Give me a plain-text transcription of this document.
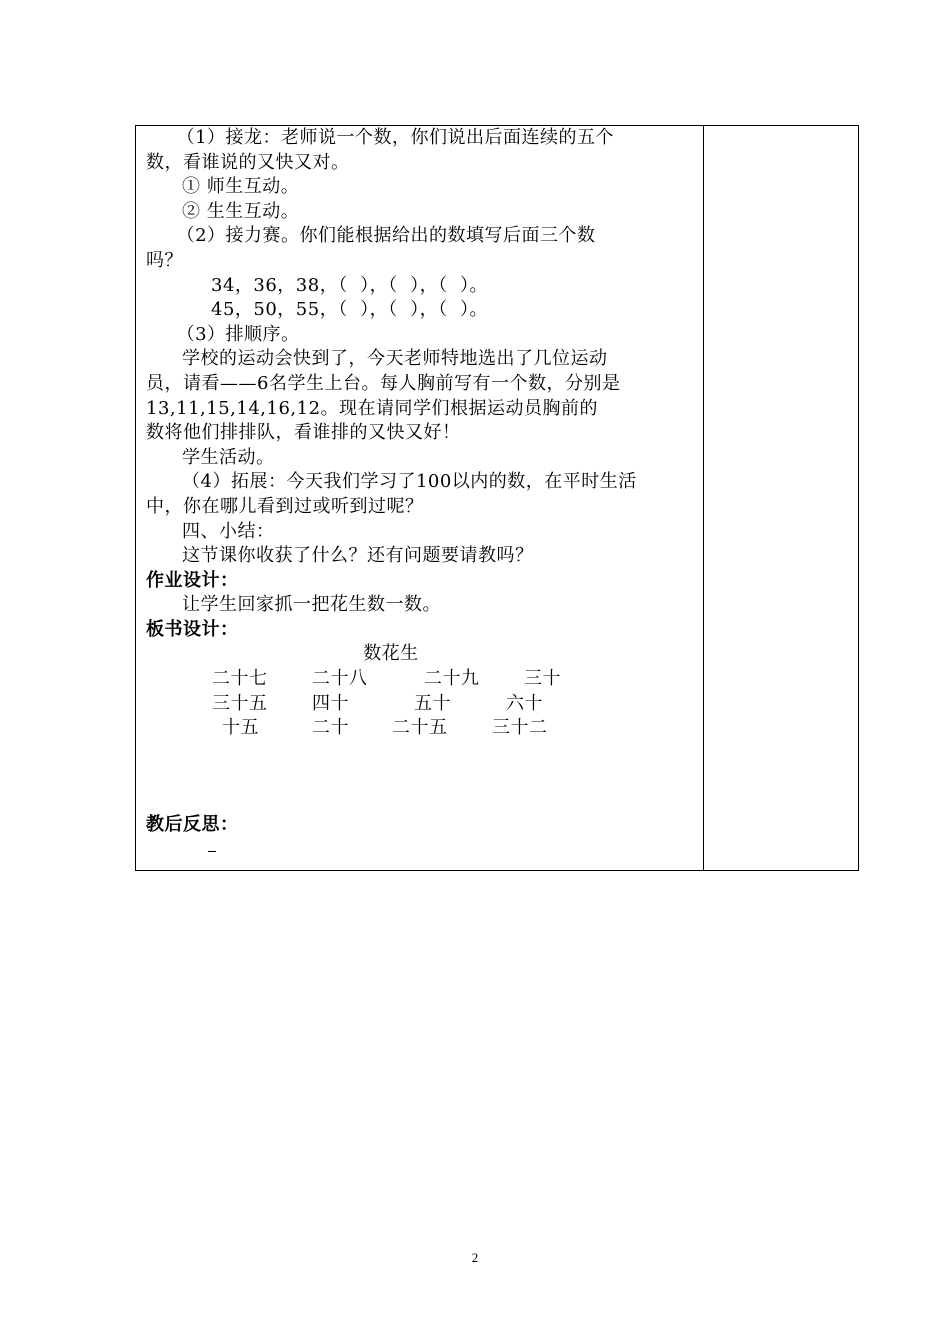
（1）接龙：老师说一个数，你们说出后面连续的五个

数，看谁说的又快又对。

① 师生互动。

② 生生互动。

（2）接力赛。你们能根据给出的数填写后面三个数

吗？

34，36，38，（  ），（  ），（  ）。

45，50，55，（  ），（  ），（  ）。

（3）排顺序。

学校的运动会快到了，今天老师特地选出了几位运动

员，请看——6名学生上台。每人胸前写有一个数，分别是

13,11,15,14,16,12。现在请同学们根据运动员胸前的

数将他们排排队，看谁排的又快又好！

学生活动。

（4）拓展：今天我们学习了100以内的数，在平时生活

中，你在哪儿看到过或听到过呢？

四、小结：

这节课你收获了什么？还有问题要请教吗？

作业设计：

让学生回家抓一把花生数一数。

板书设计：

数花生

二十七	二十八	二十九	三十
三十五	四十	五十	六十
十五	二十	二十五	三十二

教后反思：

2
